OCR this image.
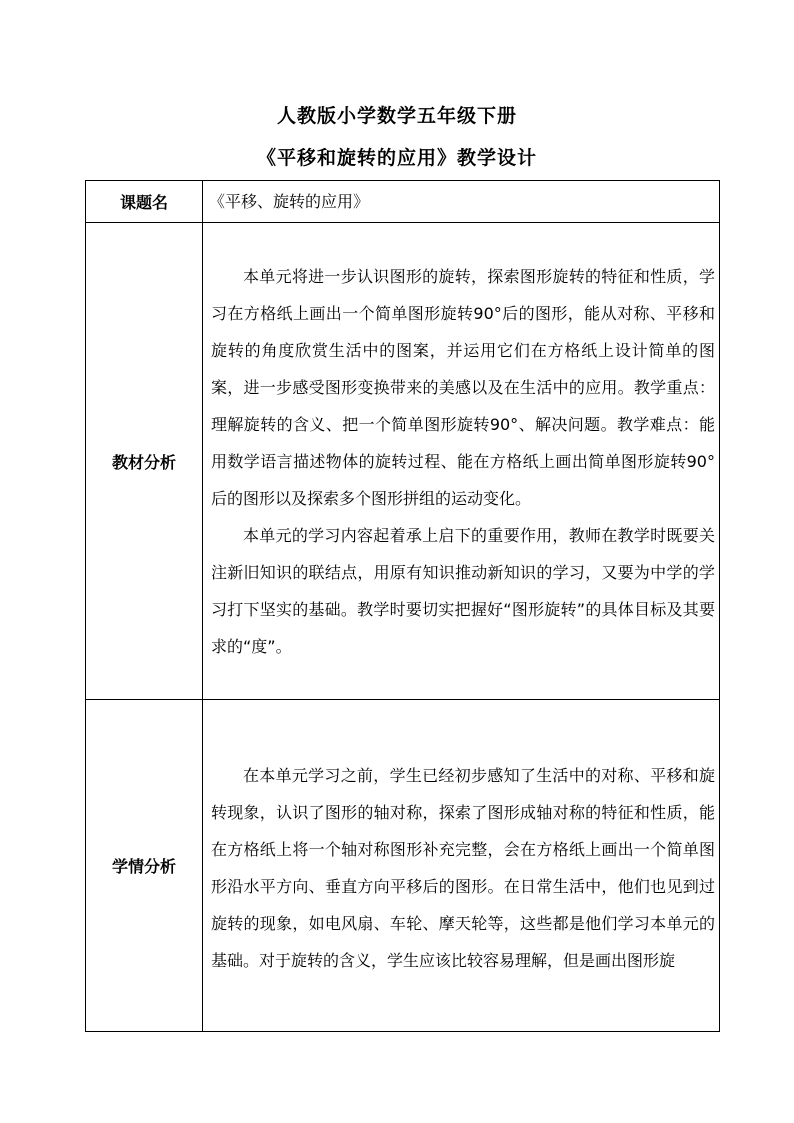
人教版小学数学五年级下册
《平移和旋转的应用》教学设计
课题名	《平移、旋转的应用》
教材分析	本单元将进一步认识图形的旋转，探索图形旋转的特征和性质，学习在方格纸上画出一个简单图形旋转90°后的图形，能从对称、平移和旋转的角度欣赏生活中的图案，并运用它们在方格纸上设计简单的图案，进一步感受图形变换带来的美感以及在生活中的应用。教学重点：理解旋转的含义、把一个简单图形旋转90°、解决问题。教学难点：能用数学语言描述物体的旋转过程、能在方格纸上画出简单图形旋转90°后的图形以及探索多个图形拼组的运动变化。

本单元的学习内容起着承上启下的重要作用，教师在教学时既要关注新旧知识的联结点，用原有知识推动新知识的学习，又要为中学的学习打下坚实的基础。教学时要切实把握好“图形旋转”的具体目标及其要求的“度”。

学情分析	在本单元学习之前，学生已经初步感知了生活中的对称、平移和旋转现象，认识了图形的轴对称，探索了图形成轴对称的特征和性质，能在方格纸上将一个轴对称图形补充完整，会在方格纸上画出一个简单图形沿水平方向、垂直方向平移后的图形。在日常生活中，他们也见到过旋转的现象，如电风扇、车轮、摩天轮等，这些都是他们学习本单元的基础。对于旋转的含义，学生应该比较容易理解，但是画出图形旋
